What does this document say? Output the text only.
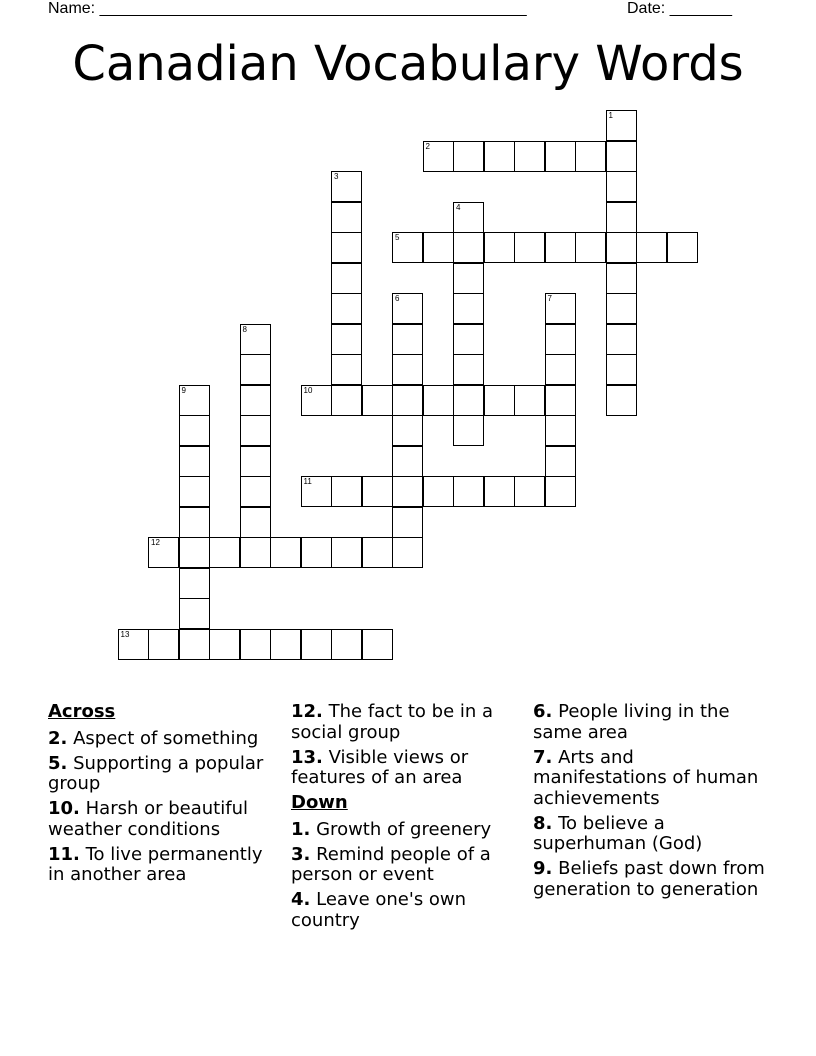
Name: ________________________________________________	Date: _______
Canadian Vocabulary Words
2
5
10
11
12
13
1
3
4
6	7
8
9
Across
2. Aspect of something
5. Supporting a popular group
10. Harsh or beautiful weather conditions
11. To live permanently in another area
12. The fact to be in a social group
13. Visible views or features of an area
Down
1. Growth of greenery
3. Remind people of a person or event
4. Leave one's own country
6. People living in the same area
7. Arts and manifestations of human achievements
8. To believe a superhuman (God)
9. Beliefs past down from generation to generation
